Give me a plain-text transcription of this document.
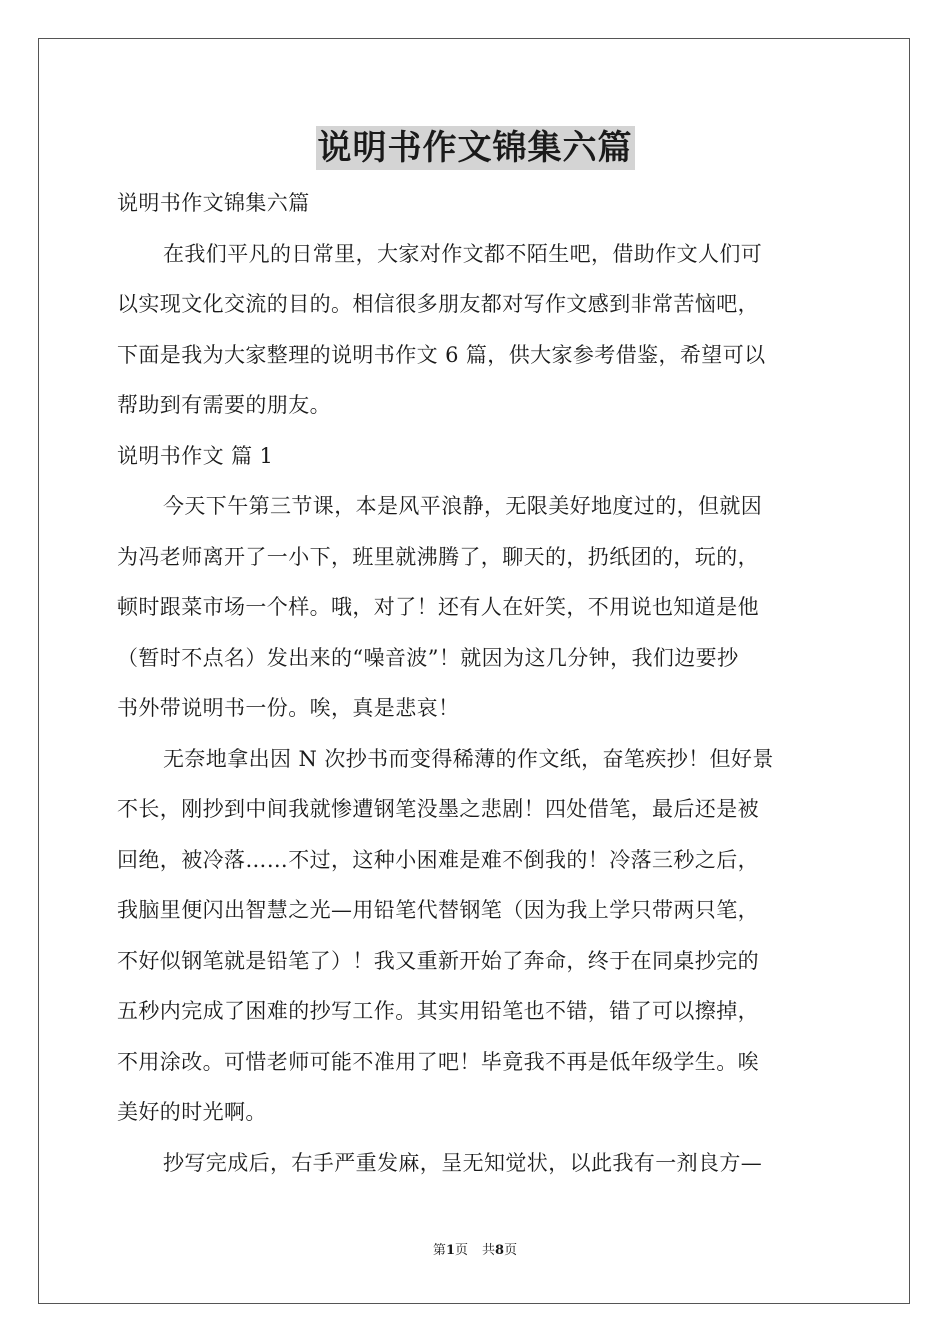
说明书作文锦集六篇
说明书作文锦集六篇
在我们平凡的日常里，大家对作文都不陌生吧，借助作文人们可
以实现文化交流的目的。相信很多朋友都对写作文感到非常苦恼吧，
下面是我为大家整理的说明书作文 6 篇，供大家参考借鉴，希望可以
帮助到有需要的朋友。
说明书作文 篇 1
今天下午第三节课，本是风平浪静，无限美好地度过的，但就因
为冯老师离开了一小下，班里就沸腾了，聊天的，扔纸团的，玩的，
顿时跟菜市场一个样。哦，对了！还有人在奸笑，不用说也知道是他
（暂时不点名）发出来的“噪音波”！就因为这几分钟，我们边要抄
书外带说明书一份。唉，真是悲哀！
无奈地拿出因 N 次抄书而变得稀薄的作文纸，奋笔疾抄！但好景
不长，刚抄到中间我就惨遭钢笔没墨之悲剧！四处借笔，最后还是被
回绝，被冷落……不过，这种小困难是难不倒我的！冷落三秒之后，
我脑里便闪出智慧之光—用铅笔代替钢笔（因为我上学只带两只笔，
不好似钢笔就是铅笔了）！我又重新开始了奔命，终于在同桌抄完的
五秒内完成了困难的抄写工作。其实用铅笔也不错，错了可以擦掉，
不用涂改。可惜老师可能不准用了吧！毕竟我不再是低年级学生。唉
美好的时光啊。
抄写完成后，右手严重发麻，呈无知觉状，以此我有一剂良方—
第1页 共8页
